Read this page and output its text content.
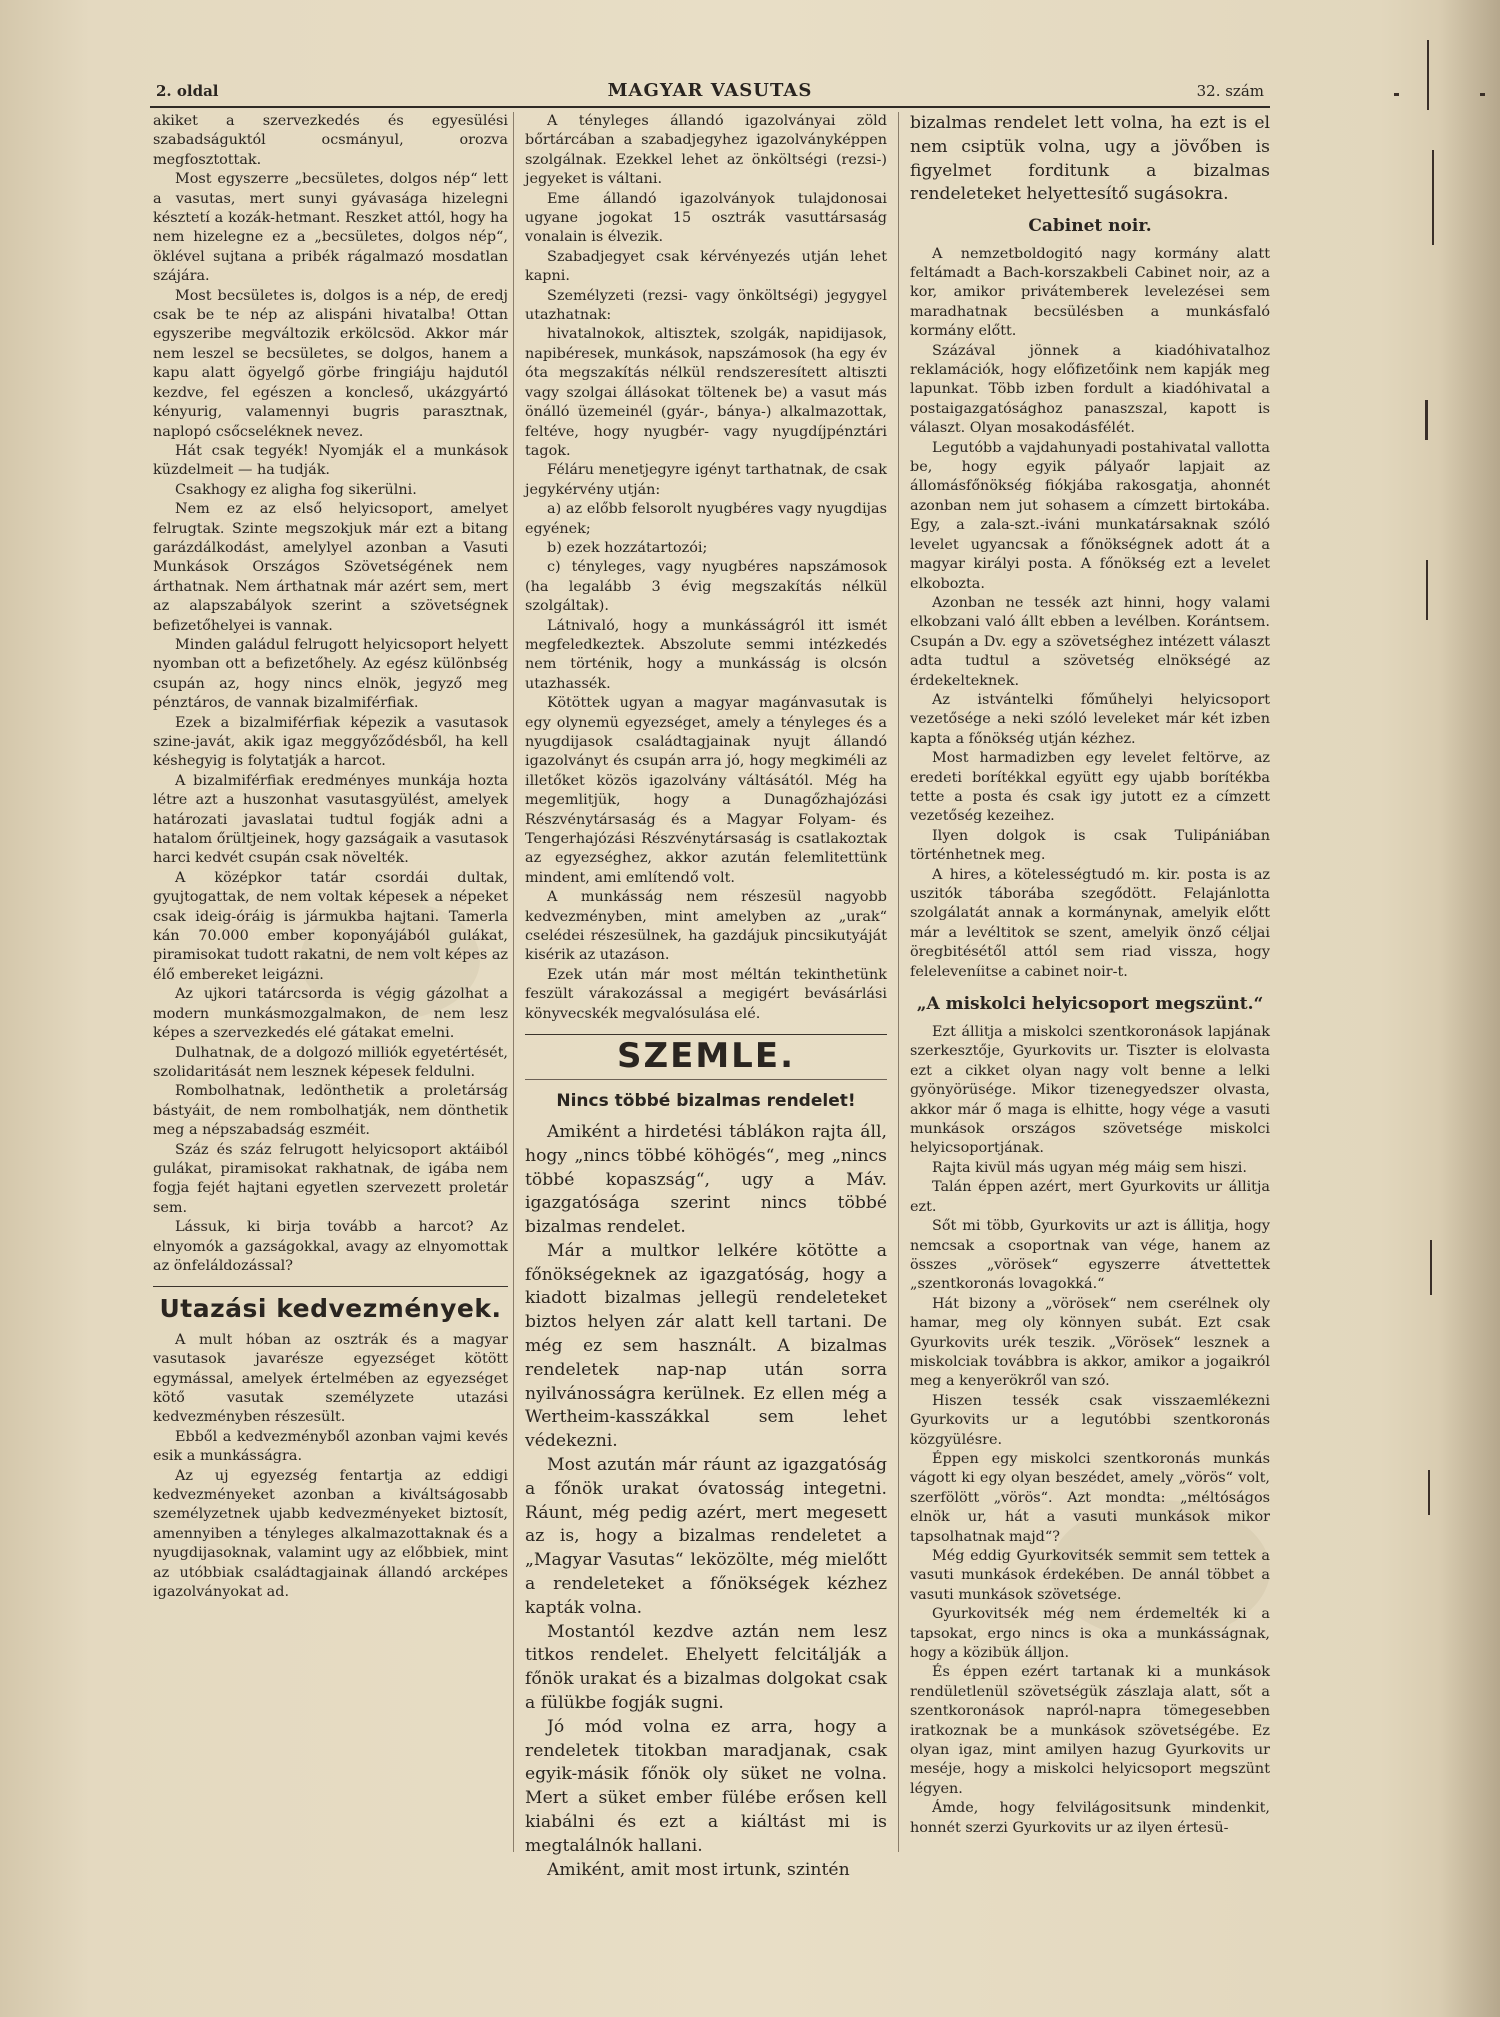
2. oldal	MAGYAR VASUTAS	32. szám

akiket a szervezkedés és egyesülési szabadságuktól ocsmányul, orozva megfosztottak.

Most egyszerre „becsületes, dolgos nép“ lett a vasutas, mert sunyi gyávasága hizelegni késztetí a kozák-hetmant. Reszket attól, hogy ha nem hizelegne ez a „becsületes, dolgos nép“, öklével sujtana a pribék rágalmazó mosdatlan szájára.

Most becsületes is, dolgos is a nép, de eredj csak be te nép az alispáni hivatalba! Ottan egyszeribe megváltozik erkölcsöd. Akkor már nem leszel se becsületes, se dolgos, hanem a kapu alatt ögyelgő görbe fringiáju hajdutól kezdve, fel egészen a koncleső, ukázgyártó kényurig, valamennyi bugris parasztnak, naplopó csőcseléknek nevez.

Hát csak tegyék! Nyomják el a munkások küzdelmeit — ha tudják.

Csakhogy ez aligha fog sikerülni.

Nem ez az első helyicsoport, amelyet felrugtak. Szinte megszokjuk már ezt a bitang garázdálkodást, amelylyel azonban a Vasuti Munkások Országos Szövetségének nem árthatnak. Nem árthatnak már azért sem, mert az alapszabályok szerint a szövetségnek befizetőhelyei is vannak.

Minden galádul felrugott helyicsoport helyett nyomban ott a befizetőhely. Az egész különbség csupán az, hogy nincs elnök, jegyző meg pénztáros, de vannak bizalmiférfiak.

Ezek a bizalmiférfiak képezik a vasutasok szine-javát, akik igaz meggyőződésből, ha kell késhegyig is folytatják a harcot.

A bizalmiférfiak eredményes munkája hozta létre azt a huszonhat vasutasgyülést, amelyek határozati javaslatai tudtul fogják adni a hatalom őrültjeinek, hogy gazságaik a vasutasok harci kedvét csupán csak növelték.

A középkor tatár csordái dultak, gyujtogattak, de nem voltak képesek a népeket csak ideig-óráig is jármukba hajtani. Tamerla kán 70.000 ember koponyájából gulákat, piramisokat tudott rakatni, de nem volt képes az élő embereket leigázni.

Az ujkori tatárcsorda is végig gázolhat a modern munkásmozgalmakon, de nem lesz képes a szervezkedés elé gátakat emelni.

Dulhatnak, de a dolgozó milliók egyetértését, szolidaritását nem lesznek képesek feldulni.

Rombolhatnak, ledönthetik a proletárság bástyáit, de nem rombolhatják, nem dönthetik meg a népszabadság eszméit.

Száz és száz felrugott helyicsoport aktáiból gulákat, piramisokat rakhatnak, de igába nem fogja fejét hajtani egyetlen szervezett proletár sem.

Lássuk, ki birja tovább a harcot? Az elnyomók a gazságokkal, avagy az elnyomottak az önfeláldozással?

Utazási kedvezmények.

A mult hóban az osztrák és a magyar vasutasok javarésze egyezséget kötött egymással, amelyek értelmében az egyezséget kötő vasutak személyzete utazási kedvezményben részesült.

Ebből a kedvezményből azonban vajmi kevés esik a munkásságra.

Az uj egyezség fentartja az eddigi kedvezményeket azonban a kiváltságosabb személyzetnek ujabb kedvezményeket biztosít, amennyiben a tényleges alkalmazottaknak és a nyugdijasoknak, valamint ugy az előbbiek, mint az utóbbiak családtagjainak állandó arcképes igazolványokat ad.

A tényleges állandó igazolványai zöld bőrtárcában a szabadjegyhez igazolványképpen szolgálnak. Ezekkel lehet az önköltségi (rezsi-) jegyeket is váltani.

Eme állandó igazolványok tulajdonosai ugyane jogokat 15 osztrák vasuttársaság vonalain is élvezik.

Szabadjegyet csak kérvényezés utján lehet kapni.

Személyzeti (rezsi- vagy önköltségi) jegygyel utazhatnak:

hivatalnokok, altisztek, szolgák, napidijasok, napibéresek, munkások, napszámosok (ha egy év óta megszakítás nélkül rendszeresített altiszti vagy szolgai állásokat töltenek be) a vasut más önálló üzemeinél (gyár-, bánya-) alkalmazottak, feltéve, hogy nyugbér- vagy nyugdíjpénztári tagok.

Féláru menetjegyre igényt tarthatnak, de csak jegykérvény utján:

a) az előbb felsorolt nyugbéres vagy nyugdijas egyének;

b) ezek hozzátartozói;

c) tényleges, vagy nyugbéres napszámosok (ha legalább 3 évig megszakítás nélkül szolgáltak).

Látnivaló, hogy a munkásságról itt ismét megfeledkeztek. Abszolute semmi intézkedés nem történik, hogy a munkásság is olcsón utazhassék.

Kötöttek ugyan a magyar magánvasutak is egy olynemü egyezséget, amely a tényleges és a nyugdijasok családtagjainak nyujt állandó igazolványt és csupán arra jó, hogy megkiméli az illetőket közös igazolvány váltásától. Még ha megemlitjük, hogy a Dunagőzhajózási Részvénytársaság és a Magyar Folyam- és Tengerhajózási Részvénytársaság is csatlakoztak az egyezséghez, akkor azután felemlitettünk mindent, ami említendő volt.

A munkásság nem részesül nagyobb kedvezményben, mint amelyben az „urak“ cselédei részesülnek, ha gazdájuk pincsikutyáját kisérik az utazáson.

Ezek után már most méltán tekinthetünk feszült várakozással a megigért bevásárlási könyvecskék megvalósulása elé.

SZEMLE.
Nincs többé bizalmas rendelet!

Amiként a hirdetési táblákon rajta áll, hogy „nincs többé köhögés“, meg „nincs többé kopaszság“, ugy a Máv. igazgatósága szerint nincs többé bizalmas rendelet.

Már a multkor lelkére kötötte a főnökségeknek az igazgatóság, hogy a kiadott bizalmas jellegü rendeleteket biztos helyen zár alatt kell tartani. De még ez sem használt. A bizalmas rendeletek nap-nap után sorra nyilvánosságra kerülnek. Ez ellen még a Wertheim-kasszákkal sem lehet védekezni.

Most azután már ráunt az igazgatóság a főnök urakat óvatosság integetni. Ráunt, még pedig azért, mert megesett az is, hogy a bizalmas rendeletet a „Magyar Vasutas“ leközölte, még mielőtt a rendeleteket a főnökségek kézhez kapták volna.

Mostantól kezdve aztán nem lesz titkos rendelet. Ehelyett felcitálják a főnök urakat és a bizalmas dolgokat csak a fülükbe fogják sugni.

Jó mód volna ez arra, hogy a rendeletek titokban maradjanak, csak egyik-másik főnök oly süket ne volna. Mert a süket ember fülébe erősen kell kiabálni és ezt a kiáltást mi is megtalálnók hallani.

Amiként, amit most irtunk, szintén

bizalmas rendelet lett volna, ha ezt is el nem csiptük volna, ugy a jövőben is figyelmet forditunk a bizalmas rendeleteket helyettesítő sugásokra.

Cabinet noir.

A nemzetboldogitó nagy kormány alatt feltámadt a Bach-korszakbeli Cabinet noir, az a kor, amikor privátemberek levelezései sem maradhatnak becsülésben a munkásfaló kormány előtt.

Százával jönnek a kiadóhivatalhoz reklamációk, hogy előfizetőink nem kapják meg lapunkat. Több izben fordult a kiadóhivatal a postaigazgatósághoz panaszszal, kapott is választ. Olyan mosakodásfélét.

Legutóbb a vajdahunyadi postahivatal vallotta be, hogy egyik pályaőr lapjait az állomásfőnökség fiókjába rakosgatja, ahonnét azonban nem jut sohasem a címzett birtokába. Egy, a zala-szt.-iváni munkatársaknak szóló levelet ugyancsak a főnökségnek adott át a magyar királyi posta. A főnökség ezt a levelet elkobozta.

Azonban ne tessék azt hinni, hogy valami elkobzani való állt ebben a levélben. Korántsem. Csupán a Dv. egy a szövetséghez intézett választ adta tudtul a szövetség elnökségé az érdekelteknek.

Az istvántelki főműhelyi helyicsoport vezetősége a neki szóló leveleket már két izben kapta a főnökség utján kézhez.

Most harmadizben egy levelet feltörve, az eredeti borítékkal együtt egy ujabb borítékba tette a posta és csak igy jutott ez a címzett vezetőség kezeihez.

Ilyen dolgok is csak Tulipániában történhetnek meg.

A hires, a kötelességtudó m. kir. posta is az uszitók táborába szegődött. Felajánlotta szolgálatát annak a kormánynak, amelyik előtt már a levéltitok se szent, amelyik önző céljai öregbitésétől attól sem riad vissza, hogy feleleveníitse a cabinet noir-t.

„A miskolci helyicsoport megszünt.“

Ezt állitja a miskolci szentkoronások lapjának szerkesztője, Gyurkovits ur. Tiszter is elolvasta ezt a cikket olyan nagy volt benne a lelki gyönyörüsége. Mikor tizenegyedszer olvasta, akkor már ő maga is elhitte, hogy vége a vasuti munkások országos szövetsége miskolci helyicsoportjának.

Rajta kivül más ugyan még máig sem hiszi.

Talán éppen azért, mert Gyurkovits ur állitja ezt.

Sőt mi több, Gyurkovits ur azt is állitja, hogy nemcsak a csoportnak van vége, hanem az összes „vörösek“ egyszerre átvettettek „szentkoronás lovagokká.“

Hát bizony a „vörösek“ nem cserélnek oly hamar, meg oly könnyen subát. Ezt csak Gyurkovits urék teszik. „Vörösek“ lesznek a miskolciak továbbra is akkor, amikor a jogaikról meg a kenyerökről van szó.

Hiszen tessék csak visszaemlékezni Gyurkovits ur a legutóbbi szentkoronás közgyülésre.

Éppen egy miskolci szentkoronás munkás vágott ki egy olyan beszédet, amely „vörös“ volt, szerfölött „vörös“. Azt mondta: „méltóságos elnök ur, hát a vasuti munkások mikor tapsolhatnak majd“?

Még eddig Gyurkovitsék semmit sem tettek a vasuti munkások érdekében. De annál többet a vasuti munkások szövetsége.

Gyurkovitsék még nem érdemelték ki a tapsokat, ergo nincs is oka a munkásságnak, hogy a közibük álljon.

És éppen ezért tartanak ki a munkások rendületlenül szövetségük zászlaja alatt, sőt a szentkoronások napról-napra tömegesebben iratkoznak be a munkások szövetségébe. Ez olyan igaz, mint amilyen hazug Gyurkovits ur meséje, hogy a miskolci helyicsoport megszünt légyen.

Ámde, hogy felvilágositsunk mindenkit, honnét szerzi Gyurkovits ur az ilyen értesü-
